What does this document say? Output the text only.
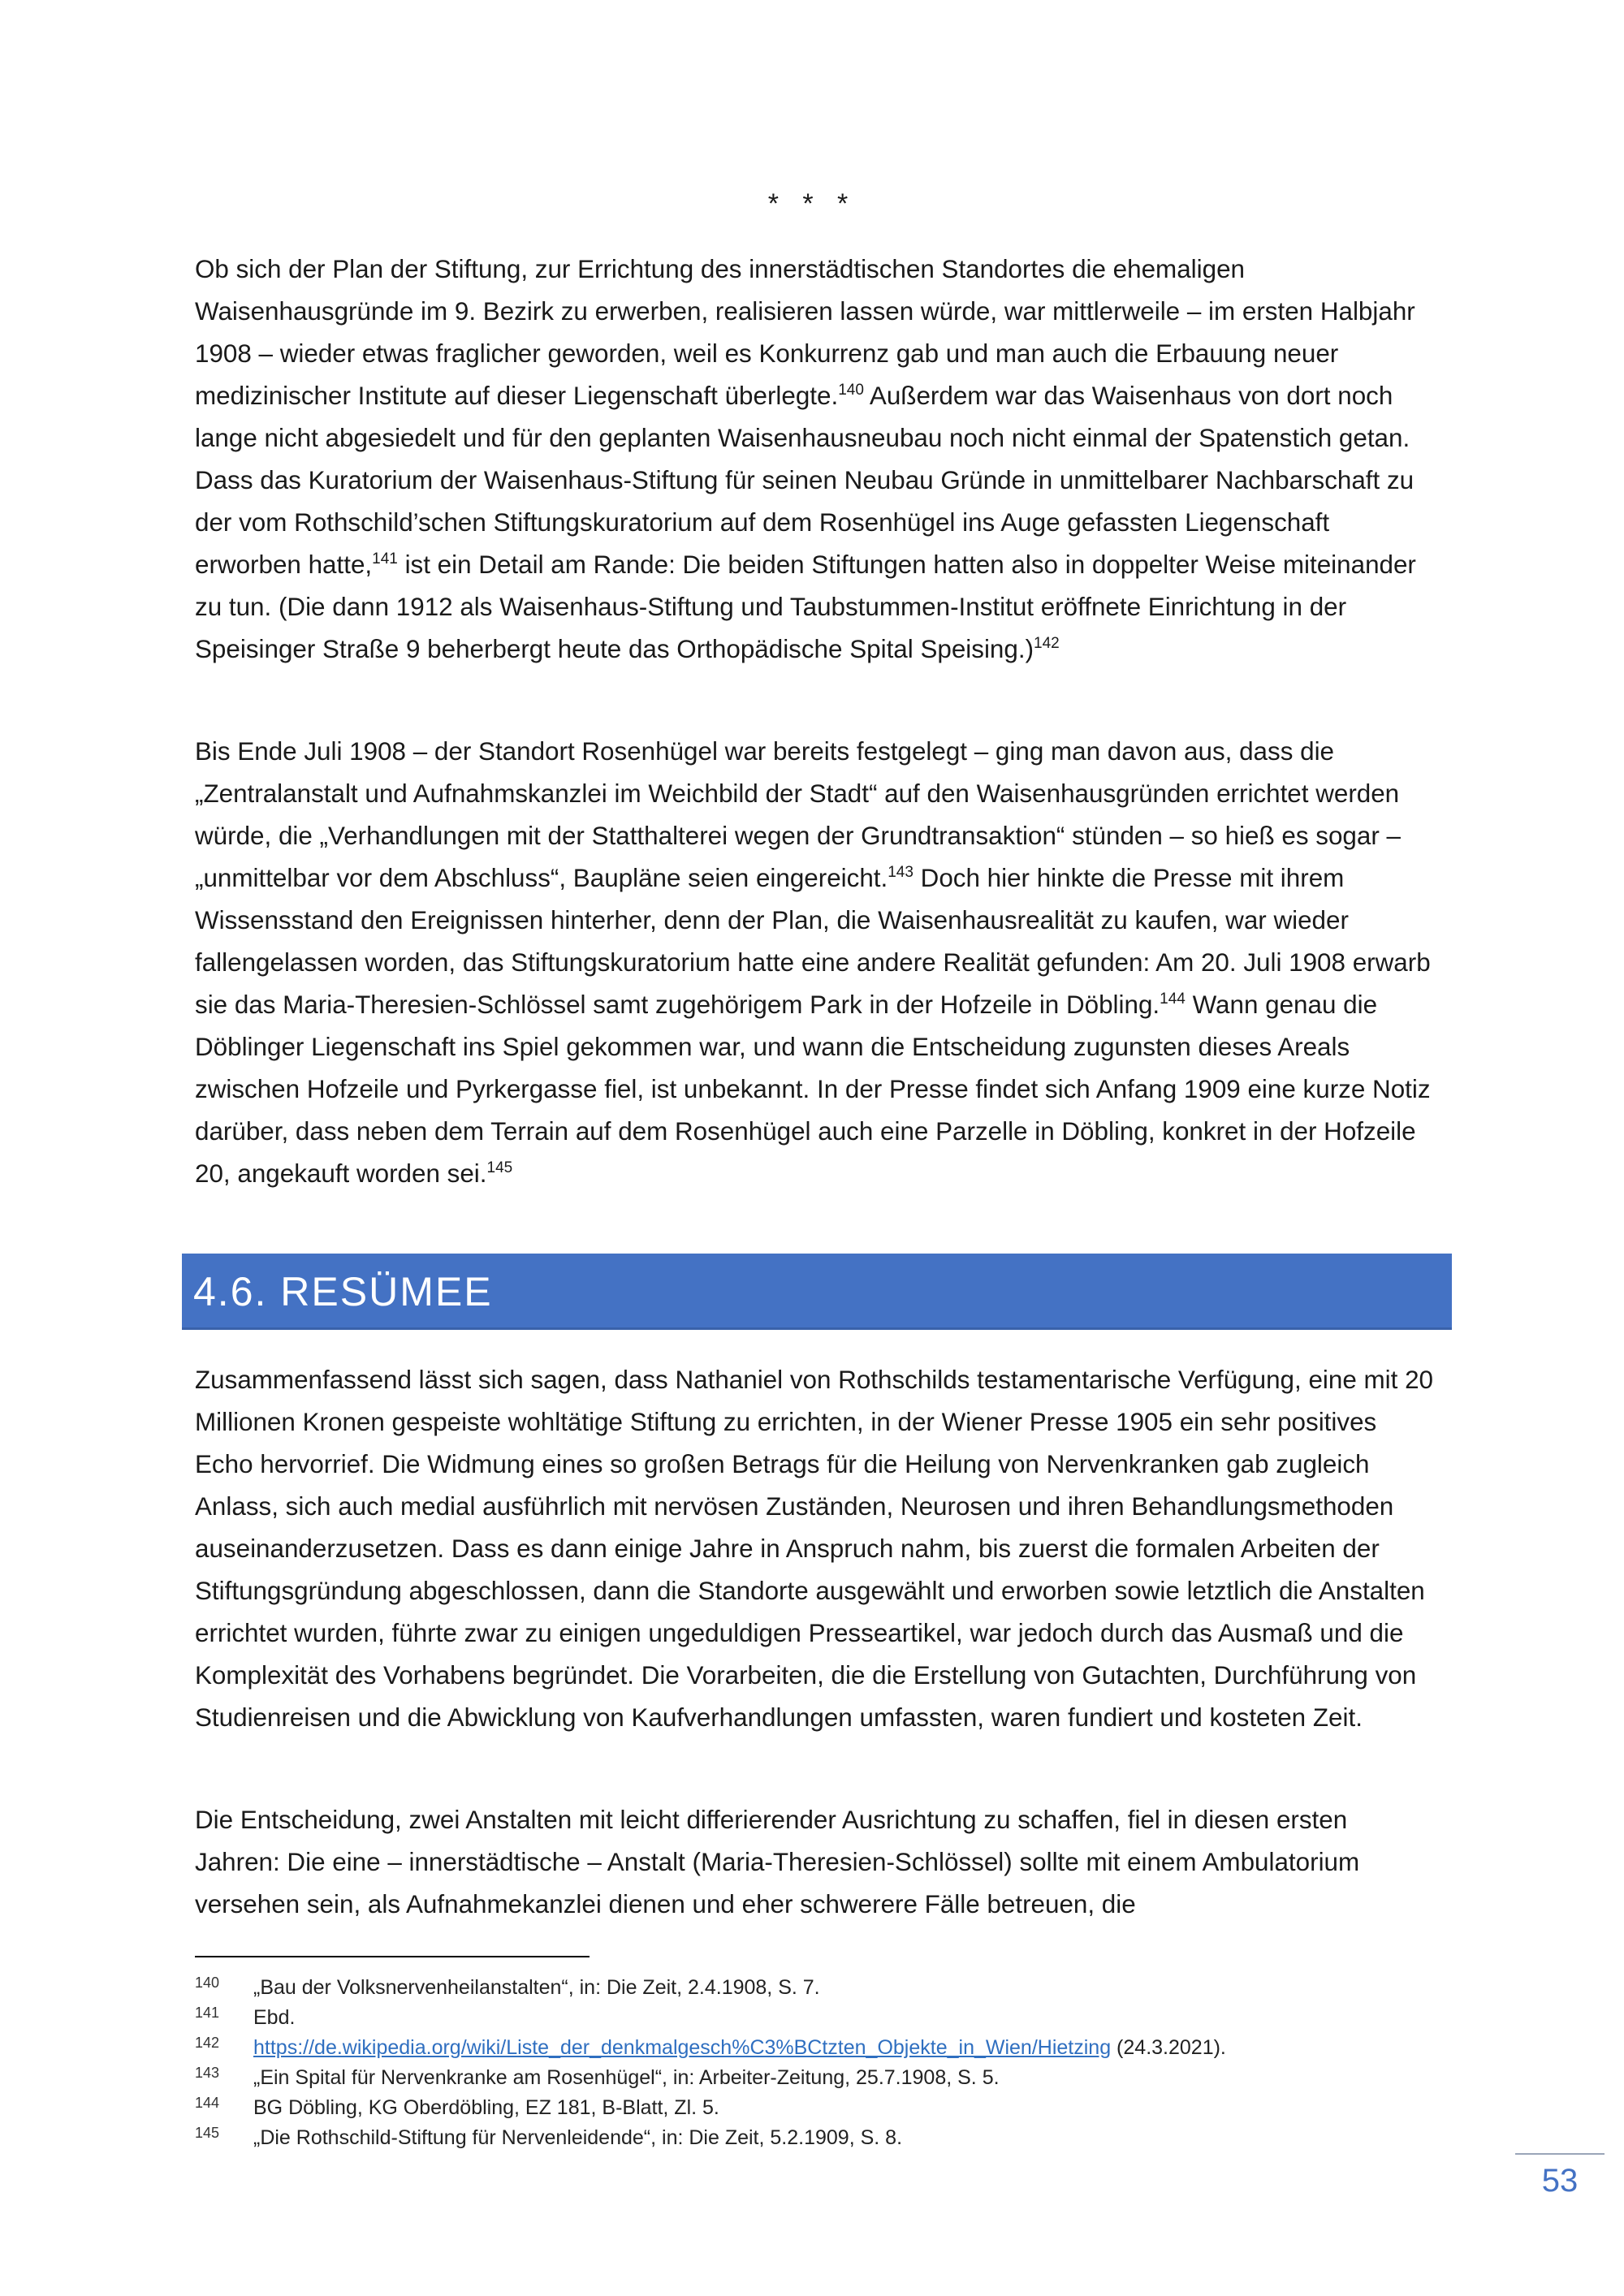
* * *

Ob sich der Plan der Stiftung, zur Errichtung des innerstädtischen Standortes die ehemaligen Waisenhausgründe im 9. Bezirk zu erwerben, realisieren lassen würde, war mittlerweile – im ersten Halbjahr 1908 – wieder etwas fraglicher geworden, weil es Konkurrenz gab und man auch die Erbauung neuer medizinischer Institute auf dieser Liegenschaft überlegte.$^{140}$ Außerdem war das Waisenhaus von dort noch lange nicht abgesiedelt und für den geplanten Waisenhausneubau noch nicht einmal der Spatenstich getan. Dass das Kuratorium der Waisenhaus-Stiftung für seinen Neubau Gründe in unmittelbarer Nachbarschaft zu der vom Rothschild’schen Stiftungskuratorium auf dem Rosenhügel ins Auge gefassten Liegenschaft erworben hatte,$^{141}$ ist ein Detail am Rande: Die beiden Stiftungen hatten also in doppelter Weise miteinander zu tun. (Die dann 1912 als Waisenhaus-Stiftung und Taubstummen-Institut eröffnete Einrichtung in der Speisinger Straße 9 beherbergt heute das Orthopädische Spital Speising.)$^{142}$

Bis Ende Juli 1908 – der Standort Rosenhügel war bereits festgelegt – ging man davon aus, dass die „Zentralanstalt und Aufnahmskanzlei im Weichbild der Stadt“ auf den Waisenhausgründen errichtet werden würde, die „Verhandlungen mit der Statthalterei wegen der Grundtransaktion“ stünden – so hieß es sogar – „unmittelbar vor dem Abschluss“, Baupläne seien eingereicht.$^{143}$ Doch hier hinkte die Presse mit ihrem Wissensstand den Ereignissen hinterher, denn der Plan, die Waisenhausrealität zu kaufen, war wieder fallengelassen worden, das Stiftungskuratorium hatte eine andere Realität gefunden: Am 20. Juli 1908 erwarb sie das Maria-Theresien-Schlössel samt zugehörigem Park in der Hofzeile in Döbling.$^{144}$ Wann genau die Döblinger Liegenschaft ins Spiel gekommen war, und wann die Entscheidung zugunsten dieses Areals zwischen Hofzeile und Pyrkergasse fiel, ist unbekannt. In der Presse findet sich Anfang 1909 eine kurze Notiz darüber, dass neben dem Terrain auf dem Rosenhügel auch eine Parzelle in Döbling, konkret in der Hofzeile 20, angekauft worden sei.$^{145}$

4.6. RESÜMEE

Zusammenfassend lässt sich sagen, dass Nathaniel von Rothschilds testamentarische Verfügung, eine mit 20 Millionen Kronen gespeiste wohltätige Stiftung zu errichten, in der Wiener Presse 1905 ein sehr positives Echo hervorrief. Die Widmung eines so großen Betrags für die Heilung von Nervenkranken gab zugleich Anlass, sich auch medial ausführlich mit nervösen Zuständen, Neurosen und ihren Behandlungsmethoden auseinanderzusetzen. Dass es dann einige Jahre in Anspruch nahm, bis zuerst die formalen Arbeiten der Stiftungsgründung abgeschlossen, dann die Standorte ausgewählt und erworben sowie letztlich die Anstalten errichtet wurden, führte zwar zu einigen ungeduldigen Presseartikel, war jedoch durch das Ausmaß und die Komplexität des Vorhabens begründet. Die Vorarbeiten, die die Erstellung von Gutachten, Durchführung von Studienreisen und die Abwicklung von Kaufverhandlungen umfassten, waren fundiert und kosteten Zeit.

Die Entscheidung, zwei Anstalten mit leicht differierender Ausrichtung zu schaffen, fiel in diesen ersten Jahren: Die eine – innerstädtische – Anstalt (Maria-Theresien-Schlössel) sollte mit einem Ambulatorium versehen sein, als Aufnahmekanzlei dienen und eher schwerere Fälle betreuen, die

140 „Bau der Volksnervenheilanstalten“, in: Die Zeit, 2.4.1908, S. 7.
141 Ebd.
142 https://de.wikipedia.org/wiki/Liste_der_denkmalgesch%C3%BCtzten_Objekte_in_Wien/Hietzing (24.3.2021).
143 „Ein Spital für Nervenkranke am Rosenhügel“, in: Arbeiter-Zeitung, 25.7.1908, S. 5.
144 BG Döbling, KG Oberdöbling, EZ 181, B-Blatt, Zl. 5.
145 „Die Rothschild-Stiftung für Nervenleidende“, in: Die Zeit, 5.2.1909, S. 8.
53
